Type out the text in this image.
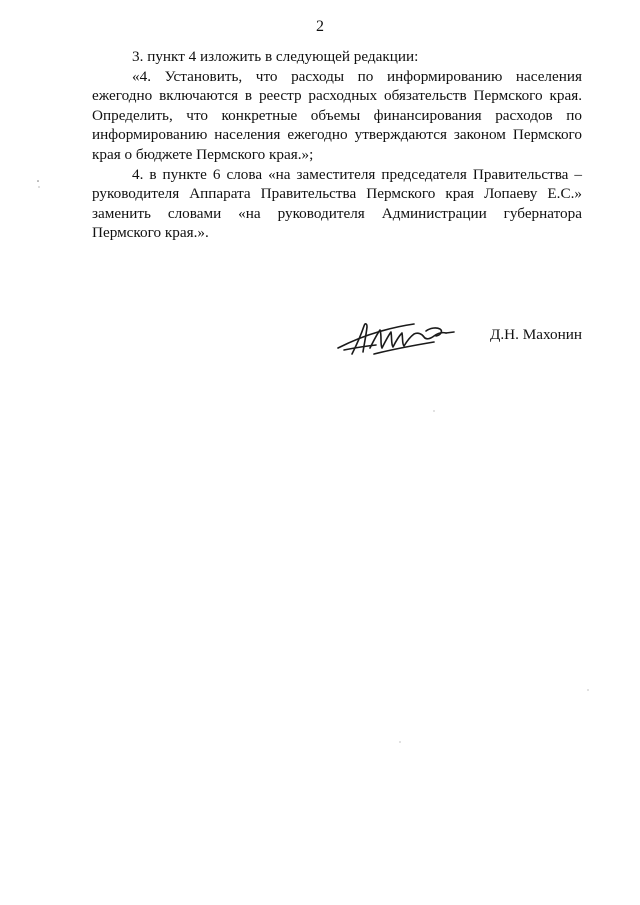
2

3. пункт 4 изложить в следующей редакции:

«4. Установить, что расходы по информированию населения ежегодно включаются в реестр расходных обязательств Пермского края. Определить, что конкретные объемы финансирования расходов по информированию населения ежегодно утверждаются законом Пермского края о бюджете Пермского края.»;

4. в пункте 6 слова «на заместителя председателя Правительства – руководителя Аппарата Правительства Пермского края Лопаеву Е.С.» заменить словами «на руководителя Администрации губернатора Пермского края.».

Д.Н. Махонин
